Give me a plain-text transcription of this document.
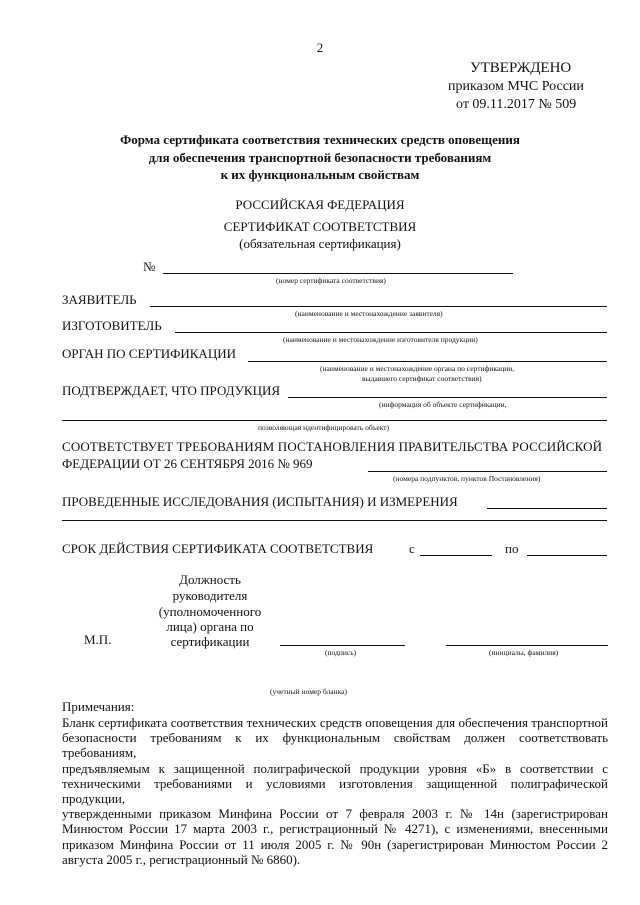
2
УТВЕРЖДЕНО
приказом МЧС России
от 09.11.2017 № 509
Форма сертификата соответствия технических средств оповещения
для обеспечения транспортной безопасности требованиям
к их функциональным свойствам
РОССИЙСКАЯ ФЕДЕРАЦИЯ
СЕРТИФИКАТ СООТВЕТСТВИЯ
(обязательная сертификация)
№
(номер сертификата соответствия)
ЗАЯВИТЕЛЬ
(наименование и местонахождение заявителя)
ИЗГОТОВИТЕЛЬ
(наименование и местонахождение изготовителя продукции)
ОРГАН ПО СЕРТИФИКАЦИИ
(наименование и местонахождение органа по сертификации,
выдавшего сертификат соответствия)
ПОДТВЕРЖДАЕТ, ЧТО ПРОДУКЦИЯ
(информация об объекте сертификации,
позволяющая идентифицировать объект)
СООТВЕТСТВУЕТ ТРЕБОВАНИЯМ ПОСТАНОВЛЕНИЯ ПРАВИТЕЛЬСТВА РОССИЙСКОЙ
ФЕДЕРАЦИИ ОТ 26 СЕНТЯБРЯ 2016 № 969
(номера подпунктов, пунктов Постановления)
ПРОВЕДЕННЫЕ ИССЛЕДОВАНИЯ (ИСПЫТАНИЯ) И ИЗМЕРЕНИЯ
СРОК ДЕЙСТВИЯ СЕРТИФИКАТА СООТВЕТСТВИЯ	с	по
М.П.
Должность
руководителя
(уполномоченного
лица) органа по
сертификации
(подпись)	(инициалы, фамилия)
(учетный номер бланка)
Примечания:
Бланк сертификата соответствия технических средств оповещения для обеспечения транспортной
безопасности требованиям к их функциональным свойствам должен соответствовать требованиям,
предъявляемым к защищенной полиграфической продукции уровня «Б» в соответствии с
техническими требованиями и условиями изготовления защищенной полиграфической продукции,
утвержденными приказом Минфина России от 7 февраля 2003 г. № 14н (зарегистрирован
Минюстом России 17 марта 2003 г., регистрационный № 4271), с изменениями, внесенными
приказом Минфина России от 11 июля 2005 г. № 90н (зарегистрирован Минюстом России 2
августа 2005 г., регистрационный № 6860).
